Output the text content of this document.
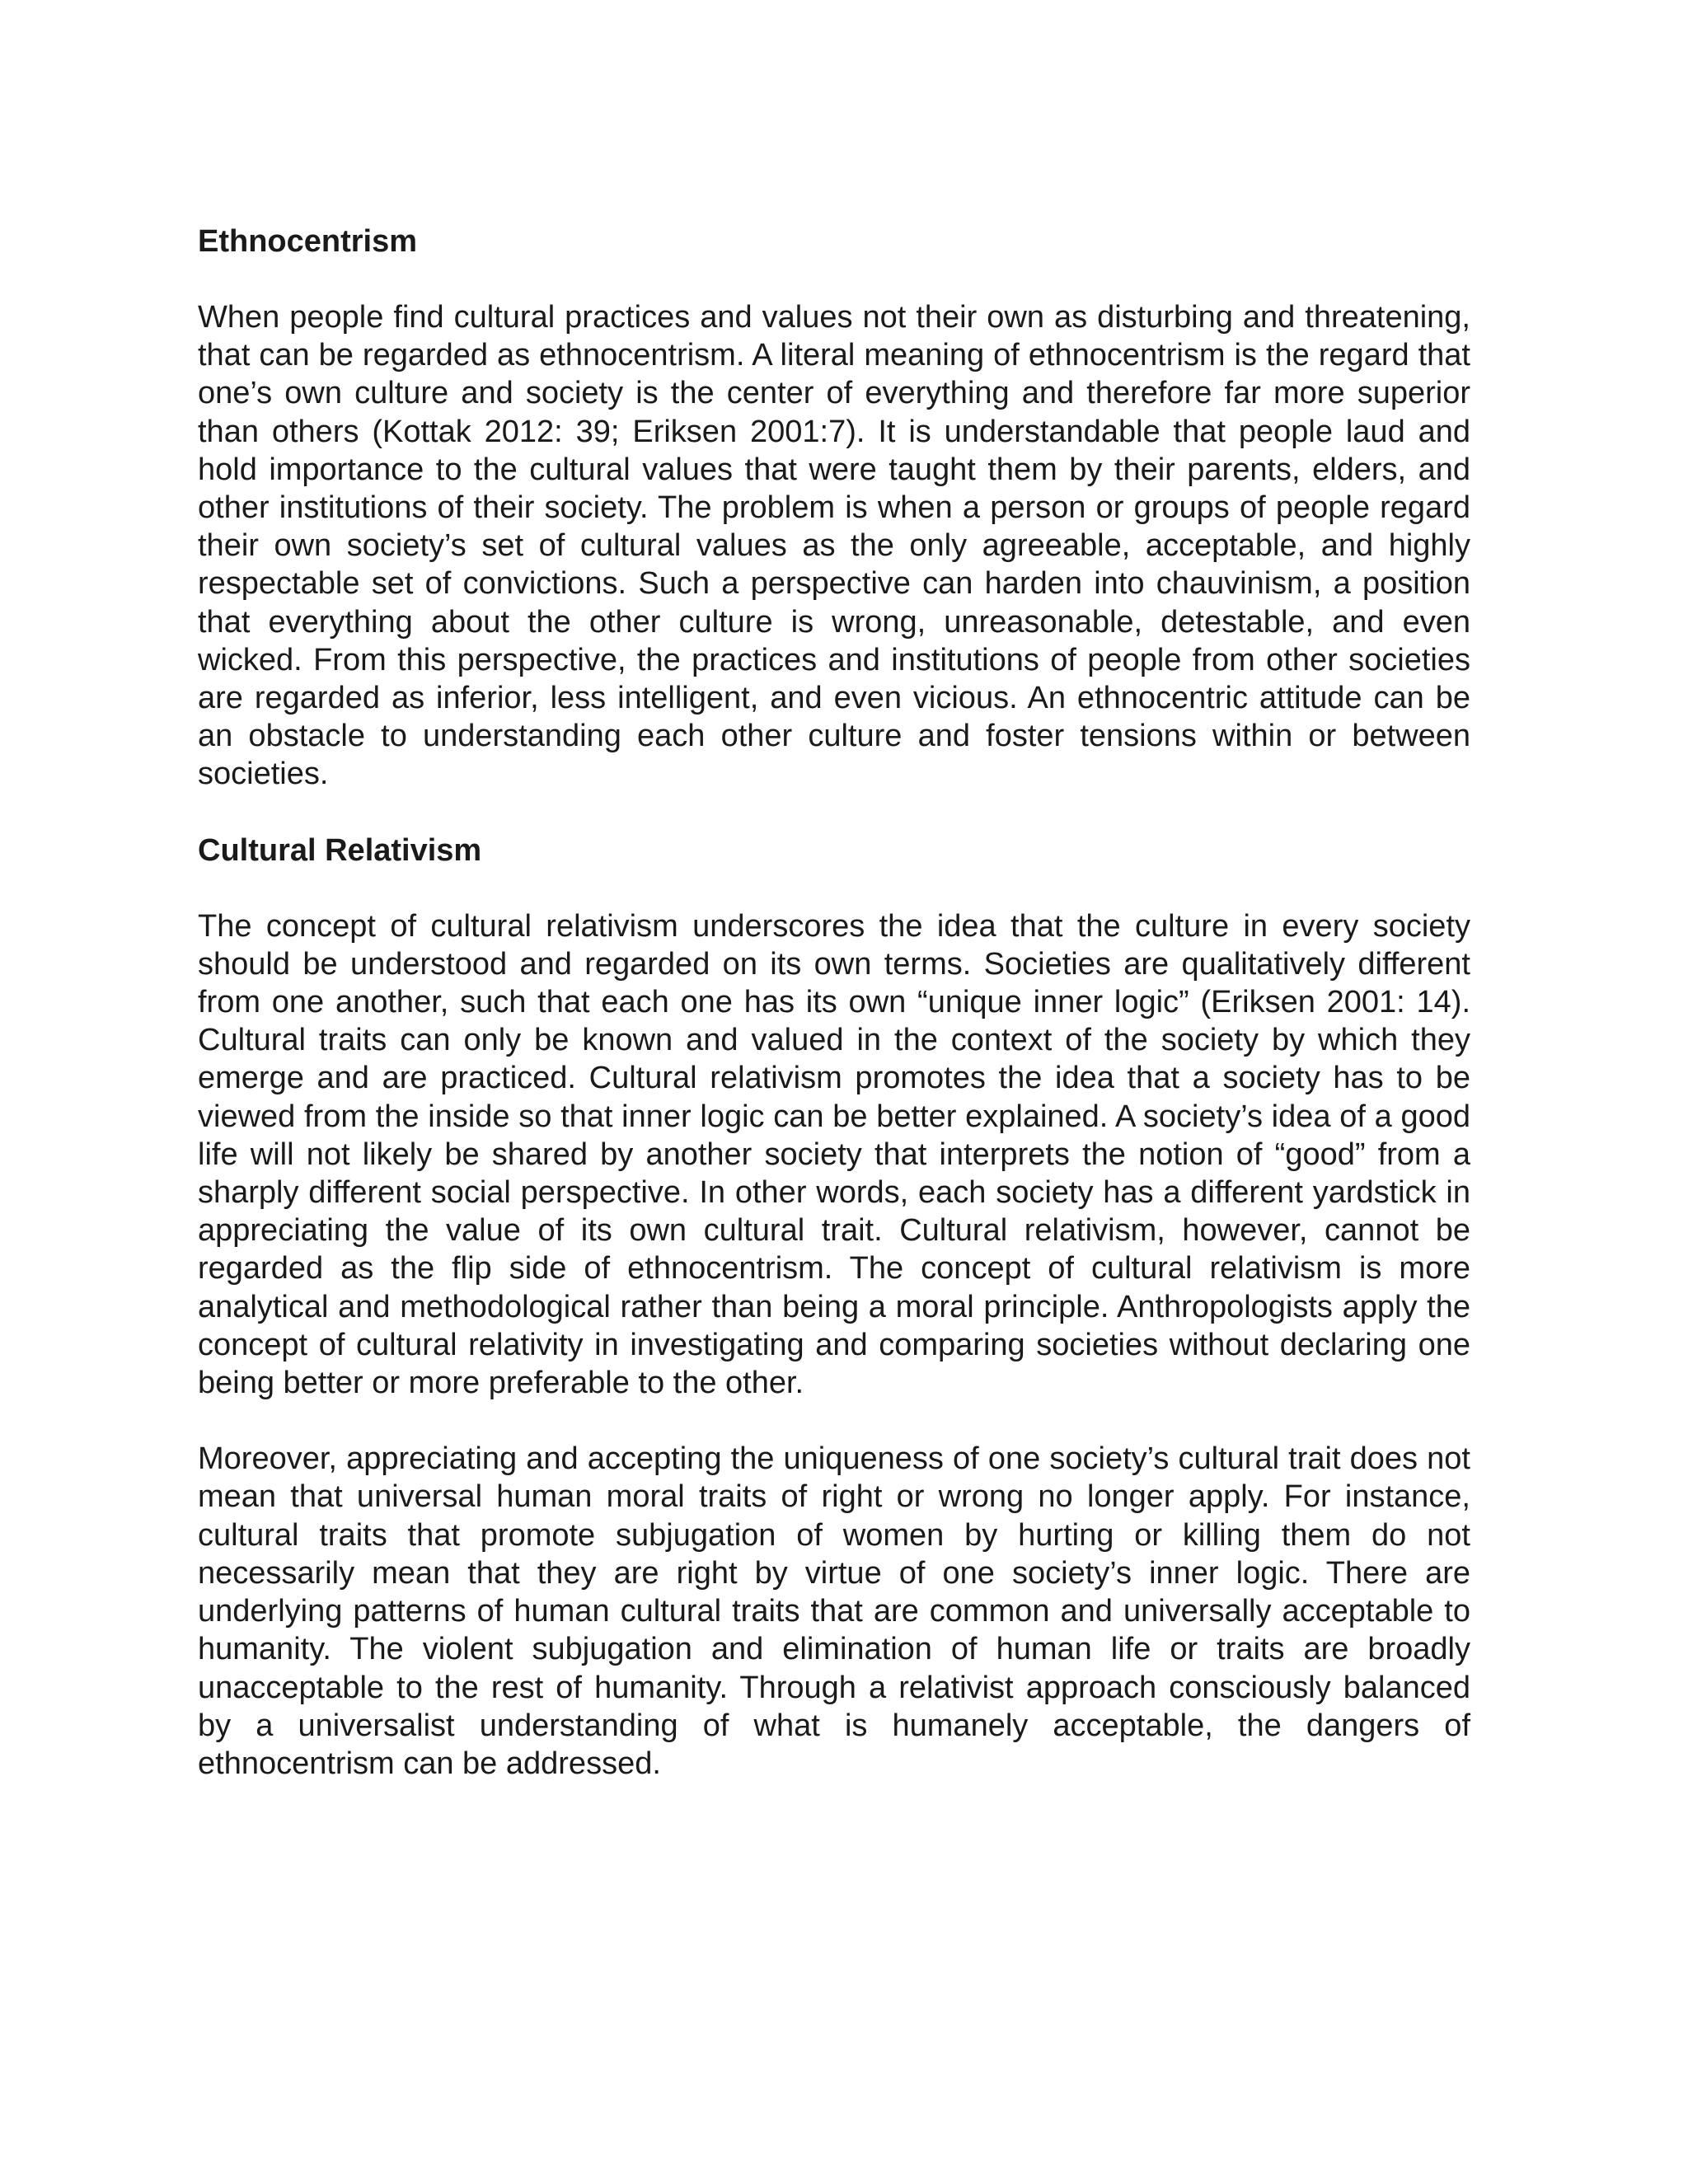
Ethnocentrism

When people find cultural practices and values not their own as disturbing and threatening, that can be regarded as ethnocentrism. A literal meaning of ethnocentrism is the regard that one’s own culture and society is the center of everything and therefore far more superior than others (Kottak 2012: 39; Eriksen 2001:7). It is understandable that people laud and hold importance to the cultural values that were taught them by their parents, elders, and other institutions of their society. The problem is when a person or groups of people regard their own society’s set of cultural values as the only agreeable, acceptable, and highly respectable set of convictions. Such a perspective can harden into chauvinism, a position that everything about the other culture is wrong, unreasonable, detestable, and even wicked. From this perspective, the practices and institutions of people from other societies are regarded as inferior, less intelligent, and even vicious. An ethnocentric attitude can be an obstacle to understanding each other culture and foster tensions within or between societies.

Cultural Relativism

The concept of cultural relativism underscores the idea that the culture in every society should be understood and regarded on its own terms. Societies are qualitatively different from one another, such that each one has its own “unique inner logic” (Eriksen 2001: 14). Cultural traits can only be known and valued in the context of the society by which they emerge and are practiced. Cultural relativism promotes the idea that a society has to be viewed from the inside so that inner logic can be better explained. A society’s idea of a good life will not likely be shared by another society that interprets the notion of “good” from a sharply different social perspective. In other words, each society has a different yardstick in appreciating the value of its own cultural trait. Cultural relativism, however, cannot be regarded as the flip side of ethnocentrism. The concept of cultural relativism is more analytical and methodological rather than being a moral principle. Anthropologists apply the concept of cultural relativity in investigating and comparing societies without declaring one being better or more preferable to the other.

Moreover, appreciating and accepting the uniqueness of one society’s cultural trait does not mean that universal human moral traits of right or wrong no longer apply. For instance, cultural traits that promote subjugation of women by hurting or killing them do not necessarily mean that they are right by virtue of one society’s inner logic. There are underlying patterns of human cultural traits that are common and universally acceptable to humanity. The violent subjugation and elimination of human life or traits are broadly unacceptable to the rest of humanity. Through a relativist approach consciously balanced by a universalist understanding of what is humanely acceptable, the dangers of ethnocentrism can be addressed.
